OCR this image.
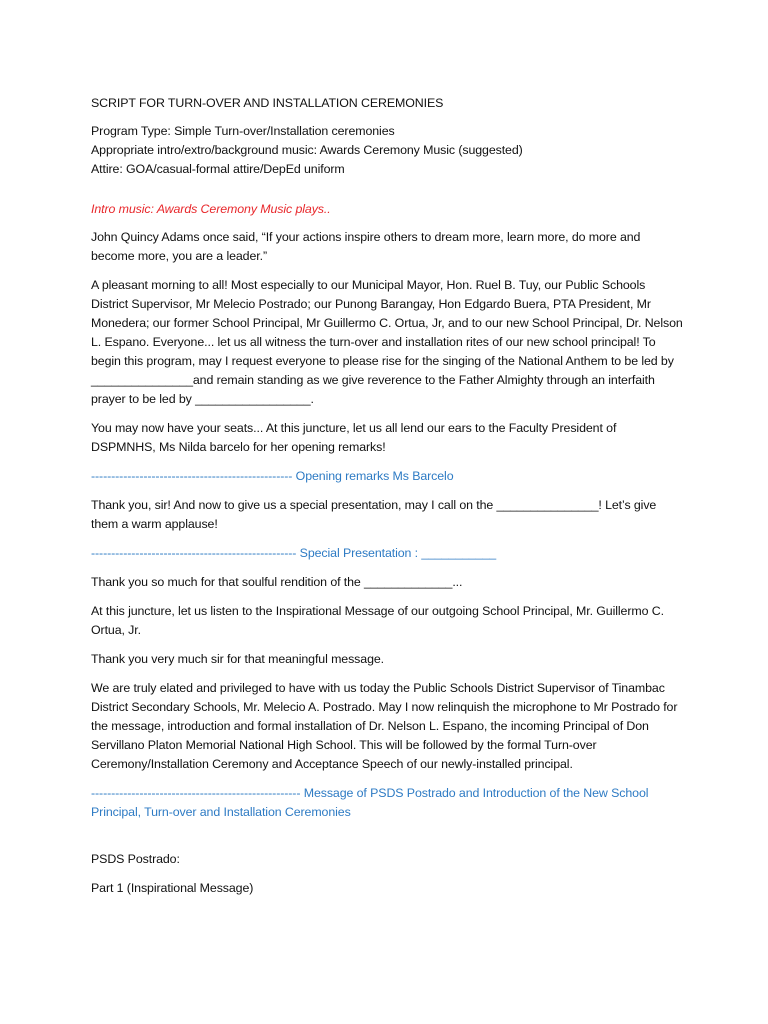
SCRIPT FOR TURN-OVER AND INSTALLATION CEREMONIES

Program Type: Simple Turn-over/Installation ceremonies

Appropriate intro/extro/background music: Awards Ceremony Music (suggested)

Attire: GOA/casual-formal attire/DepEd uniform

Intro music: Awards Ceremony Music plays..

John Quincy Adams once said, “If your actions inspire others to dream more, learn more, do more and become more, you are a leader.”

A pleasant morning to all! Most especially to our Municipal Mayor, Hon. Ruel B. Tuy, our Public Schools District Supervisor, Mr Melecio Postrado; our Punong Barangay, Hon Edgardo Buera, PTA President, Mr Monedera; our former School Principal, Mr Guillermo C. Ortua, Jr, and to our new School Principal, Dr. Nelson L. Espano. Everyone... let us all witness the turn-over and installation rites of our new school principal! To begin this program, may I request everyone to please rise for the singing of the National Anthem to be led by _______________and remain standing as we give reverence to the Father Almighty through an interfaith prayer to be led by _________________.

You may now have your seats... At this juncture, let us all lend our ears to the Faculty President of DSPMNHS, Ms Nilda barcelo for her opening remarks!

-------------------------------------------------- Opening remarks Ms Barcelo

Thank you, sir! And now to give us a special presentation, may I call on the _______________! Let’s give them a warm applause!

--------------------------------------------------- Special Presentation : ___________

Thank you so much for that soulful rendition of the _____________...

At this juncture, let us listen to the Inspirational Message of our outgoing School Principal, Mr. Guillermo C. Ortua, Jr.

Thank you very much sir for that meaningful message.

We are truly elated and privileged to have with us today the Public Schools District Supervisor of Tinambac District Secondary Schools, Mr. Melecio A. Postrado. May I now relinquish the microphone to Mr Postrado for the message, introduction and formal installation of Dr. Nelson L. Espano, the incoming Principal of Don Servillano Platon Memorial National High School. This will be followed by the formal Turn-over Ceremony/Installation Ceremony and Acceptance Speech of our newly-installed principal.

---------------------------------------------------- Message of PSDS Postrado and Introduction of the New School Principal, Turn-over and Installation Ceremonies

PSDS Postrado:

Part 1 (Inspirational Message)
